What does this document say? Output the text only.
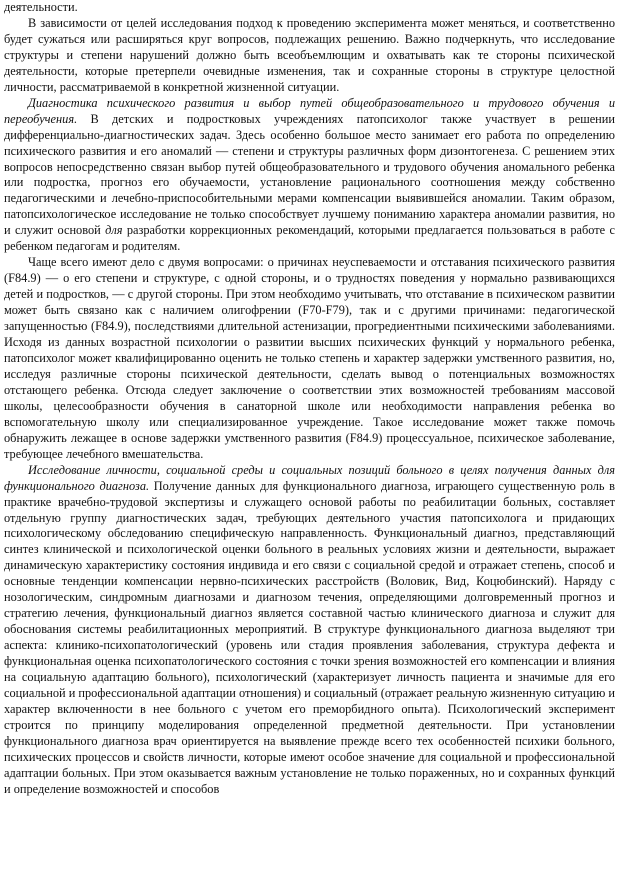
деятельности.

В зависимости от целей исследования подход к проведению эксперимента может меняться, и соответственно будет сужаться или расширяться круг вопросов, подлежащих решению. Важно подчеркнуть, что исследование структуры и степени нарушений должно быть всеобъемлющим и охватывать как те стороны психической деятельности, которые претерпели очевидные изменения, так и сохранные стороны в структуре целостной личности, рассматриваемой в конкретной жизненной ситуации.

Диагностика психического развития и выбор путей общеобразовательного и трудового обучения и переобучения. В детских и подростковых учреждениях патопсихолог также участвует в решении дифференциально-диагностических задач. Здесь особенно большое место занимает его работа по определению психического развития и его аномалий — степени и структуры различных форм дизонтогенеза. С решением этих вопросов непосредственно связан выбор путей общеобразовательного и трудового обучения аномального ребенка или подростка, прогноз его обучаемости, установление рационального соотношения между собственно педагогическими и лечебно-приспособительными мерами компенсации выявившейся аномалии. Таким образом, патопсихологическое исследование не только способствует лучшему пониманию характера аномалии развития, но и служит основой для разработки коррекционных рекомендаций, которыми предлагается пользоваться в работе с ребенком педагогам и родителям.

Чаще всего имеют дело с двумя вопросами: о причинах неуспеваемости и отставания психического развития (F84.9) — о его степени и структуре, с одной стороны, и о трудностях поведения у нормально развивающихся детей и подростков, — с другой стороны. При этом необходимо учитывать, что отставание в психическом развитии может быть связано как с наличием олигофрении (F70-F79), так и с другими причинами: педагогической запущенностью (F84.9), последствиями длительной астенизации, прогредиентными психическими заболеваниями. Исходя из данных возрастной психологии о развитии высших психических функций у нормального ребенка, патопсихолог может квалифицированно оценить не только степень и характер задержки умственного развития, но, исследуя различные стороны психической деятельности, сделать вывод о потенциальных возможностях отстающего ребенка. Отсюда следует заключение о соответствии этих возможностей требованиям массовой школы, целесообразности обучения в санаторной школе или необходимости направления ребенка во вспомогательную школу или специализированное учреждение. Такое исследование может также помочь обнаружить лежащее в основе задержки умственного развития (F84.9) процессуальное, психическое заболевание, требующее лечебного вмешательства.

Исследование личности, социальной среды и социальных позиций больного в целях получения данных для функционального диагноза. Получение данных для функционального диагноза, играющего существенную роль в практике врачебно-трудовой экспертизы и служащего основой работы по реабилитации больных, составляет отдельную группу диагностических задач, требующих деятельного участия патопсихолога и придающих психологическому обследованию специфическую направленность. Функциональный диагноз, представляющий синтез клинической и психологической оценки больного в реальных условиях жизни и деятельности, выражает динамическую характеристику состояния индивида и его связи с социальной средой и отражает степень, способ и основные тенденции компенсации нервно-психических расстройств (Воловик, Вид, Коцюбинский). Наряду с нозологическим, синдромным диагнозами и диагнозом течения, определяющими долговременный прогноз и стратегию лечения, функциональный диагноз является составной частью клинического диагноза и служит для обоснования системы реабилитационных мероприятий. В структуре функционального диагноза выделяют три аспекта: клинико-психопатологический (уровень или стадия проявления заболевания, структура дефекта и функциональная оценка психопатологического состояния с точки зрения возможностей его компенсации и влияния на социальную адаптацию больного), психологический (характеризует личность пациента и значимые для его социальной и профессиональной адаптации отношения) и социальный (отражает реальную жизненную ситуацию и характер включенности в нее больного с учетом его преморбидного опыта). Психологический эксперимент строится по принципу моделирования определенной предметной деятельности. При установлении функционального диагноза врач ориентируется на выявление прежде всего тех особенностей психики больного, психических процессов и свойств личности, которые имеют особое значение для социальной и профессиональной адаптации больных. При этом оказывается важным установление не только пораженных, но и сохранных функций и определение возможностей и способов
